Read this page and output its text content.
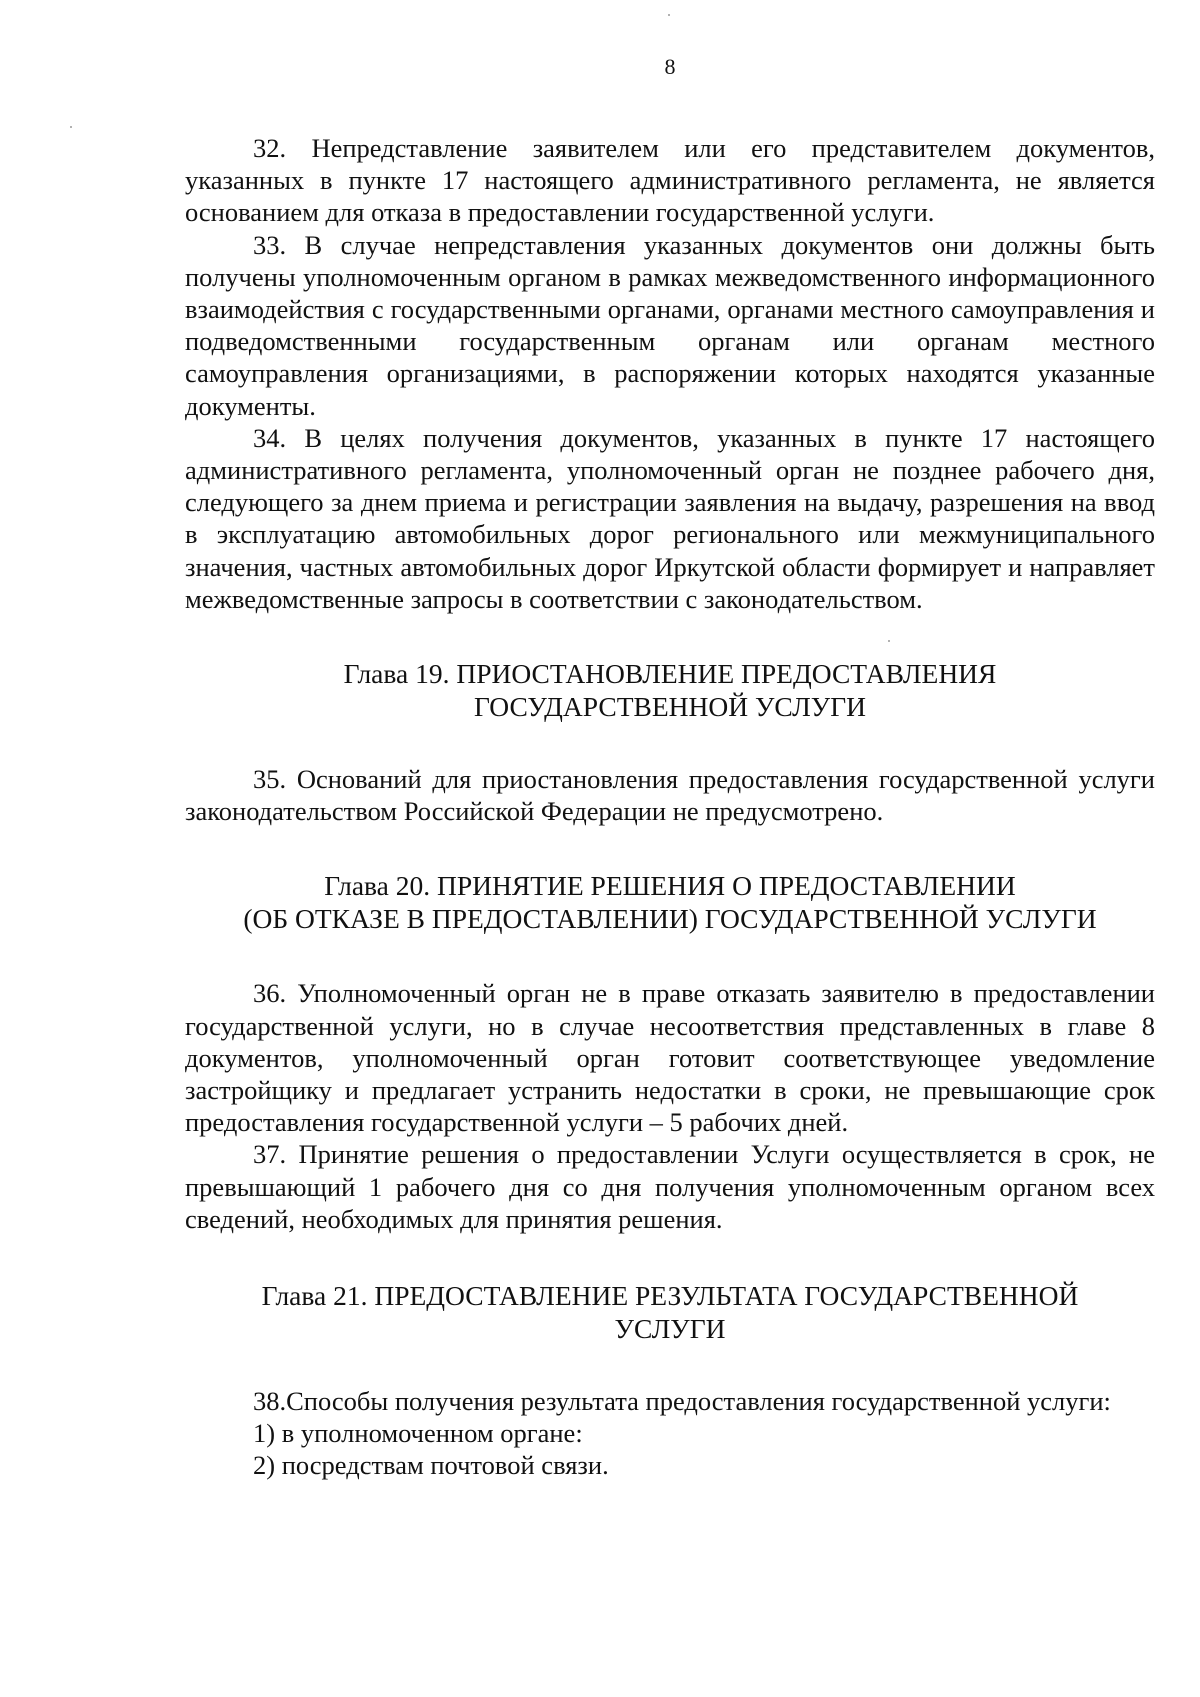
8

32. Непредставление заявителем или его представителем документов, указанных в пункте 17 настоящего административного регламента, не является основанием для отказа в предоставлении государственной услуги.

33. В случае непредставления указанных документов они должны быть получены уполномоченным органом в рамках межведомственного информационного взаимодействия с государственными органами, органами местного самоуправления и подведомственными государственным органам или органам местного самоуправления организациями, в распоряжении которых находятся указанные документы.

34. В целях получения документов, указанных в пункте 17 настоящего административного регламента, уполномоченный орган не позднее рабочего дня, следующего за днем приема и регистрации заявления на выдачу, разрешения на ввод в эксплуатацию автомобильных дорог регионального или межмуниципального значения, частных автомобильных дорог Иркутской области формирует и направляет межведомственные запросы в соответствии с законодательством.

Глава 19. ПРИОСТАНОВЛЕНИЕ ПРЕДОСТАВЛЕНИЯ
ГОСУДАРСТВЕННОЙ УСЛУГИ

35. Оснований для приостановления предоставления государственной услуги законодательством Российской Федерации не предусмотрено.

Глава 20. ПРИНЯТИЕ РЕШЕНИЯ О ПРЕДОСТАВЛЕНИИ
(ОБ ОТКАЗЕ В ПРЕДОСТАВЛЕНИИ) ГОСУДАРСТВЕННОЙ УСЛУГИ

36. Уполномоченный орган не в праве отказать заявителю в предоставлении государственной услуги, но в случае несоответствия представленных в главе 8 документов, уполномоченный орган готовит соответствующее уведомление застройщику и предлагает устранить недостатки в сроки, не превышающие срок предоставления государственной услуги – 5 рабочих дней.

37. Принятие решения о предоставлении Услуги осуществляется в срок, не превышающий 1 рабочего дня со дня получения уполномоченным органом всех сведений, необходимых для принятия решения.

Глава 21. ПРЕДОСТАВЛЕНИЕ РЕЗУЛЬТАТА ГОСУДАРСТВЕННОЙ
УСЛУГИ

38.Способы получения результата предоставления государственной услуги:

1) в уполномоченном органе:

2) посредствам почтовой связи.
